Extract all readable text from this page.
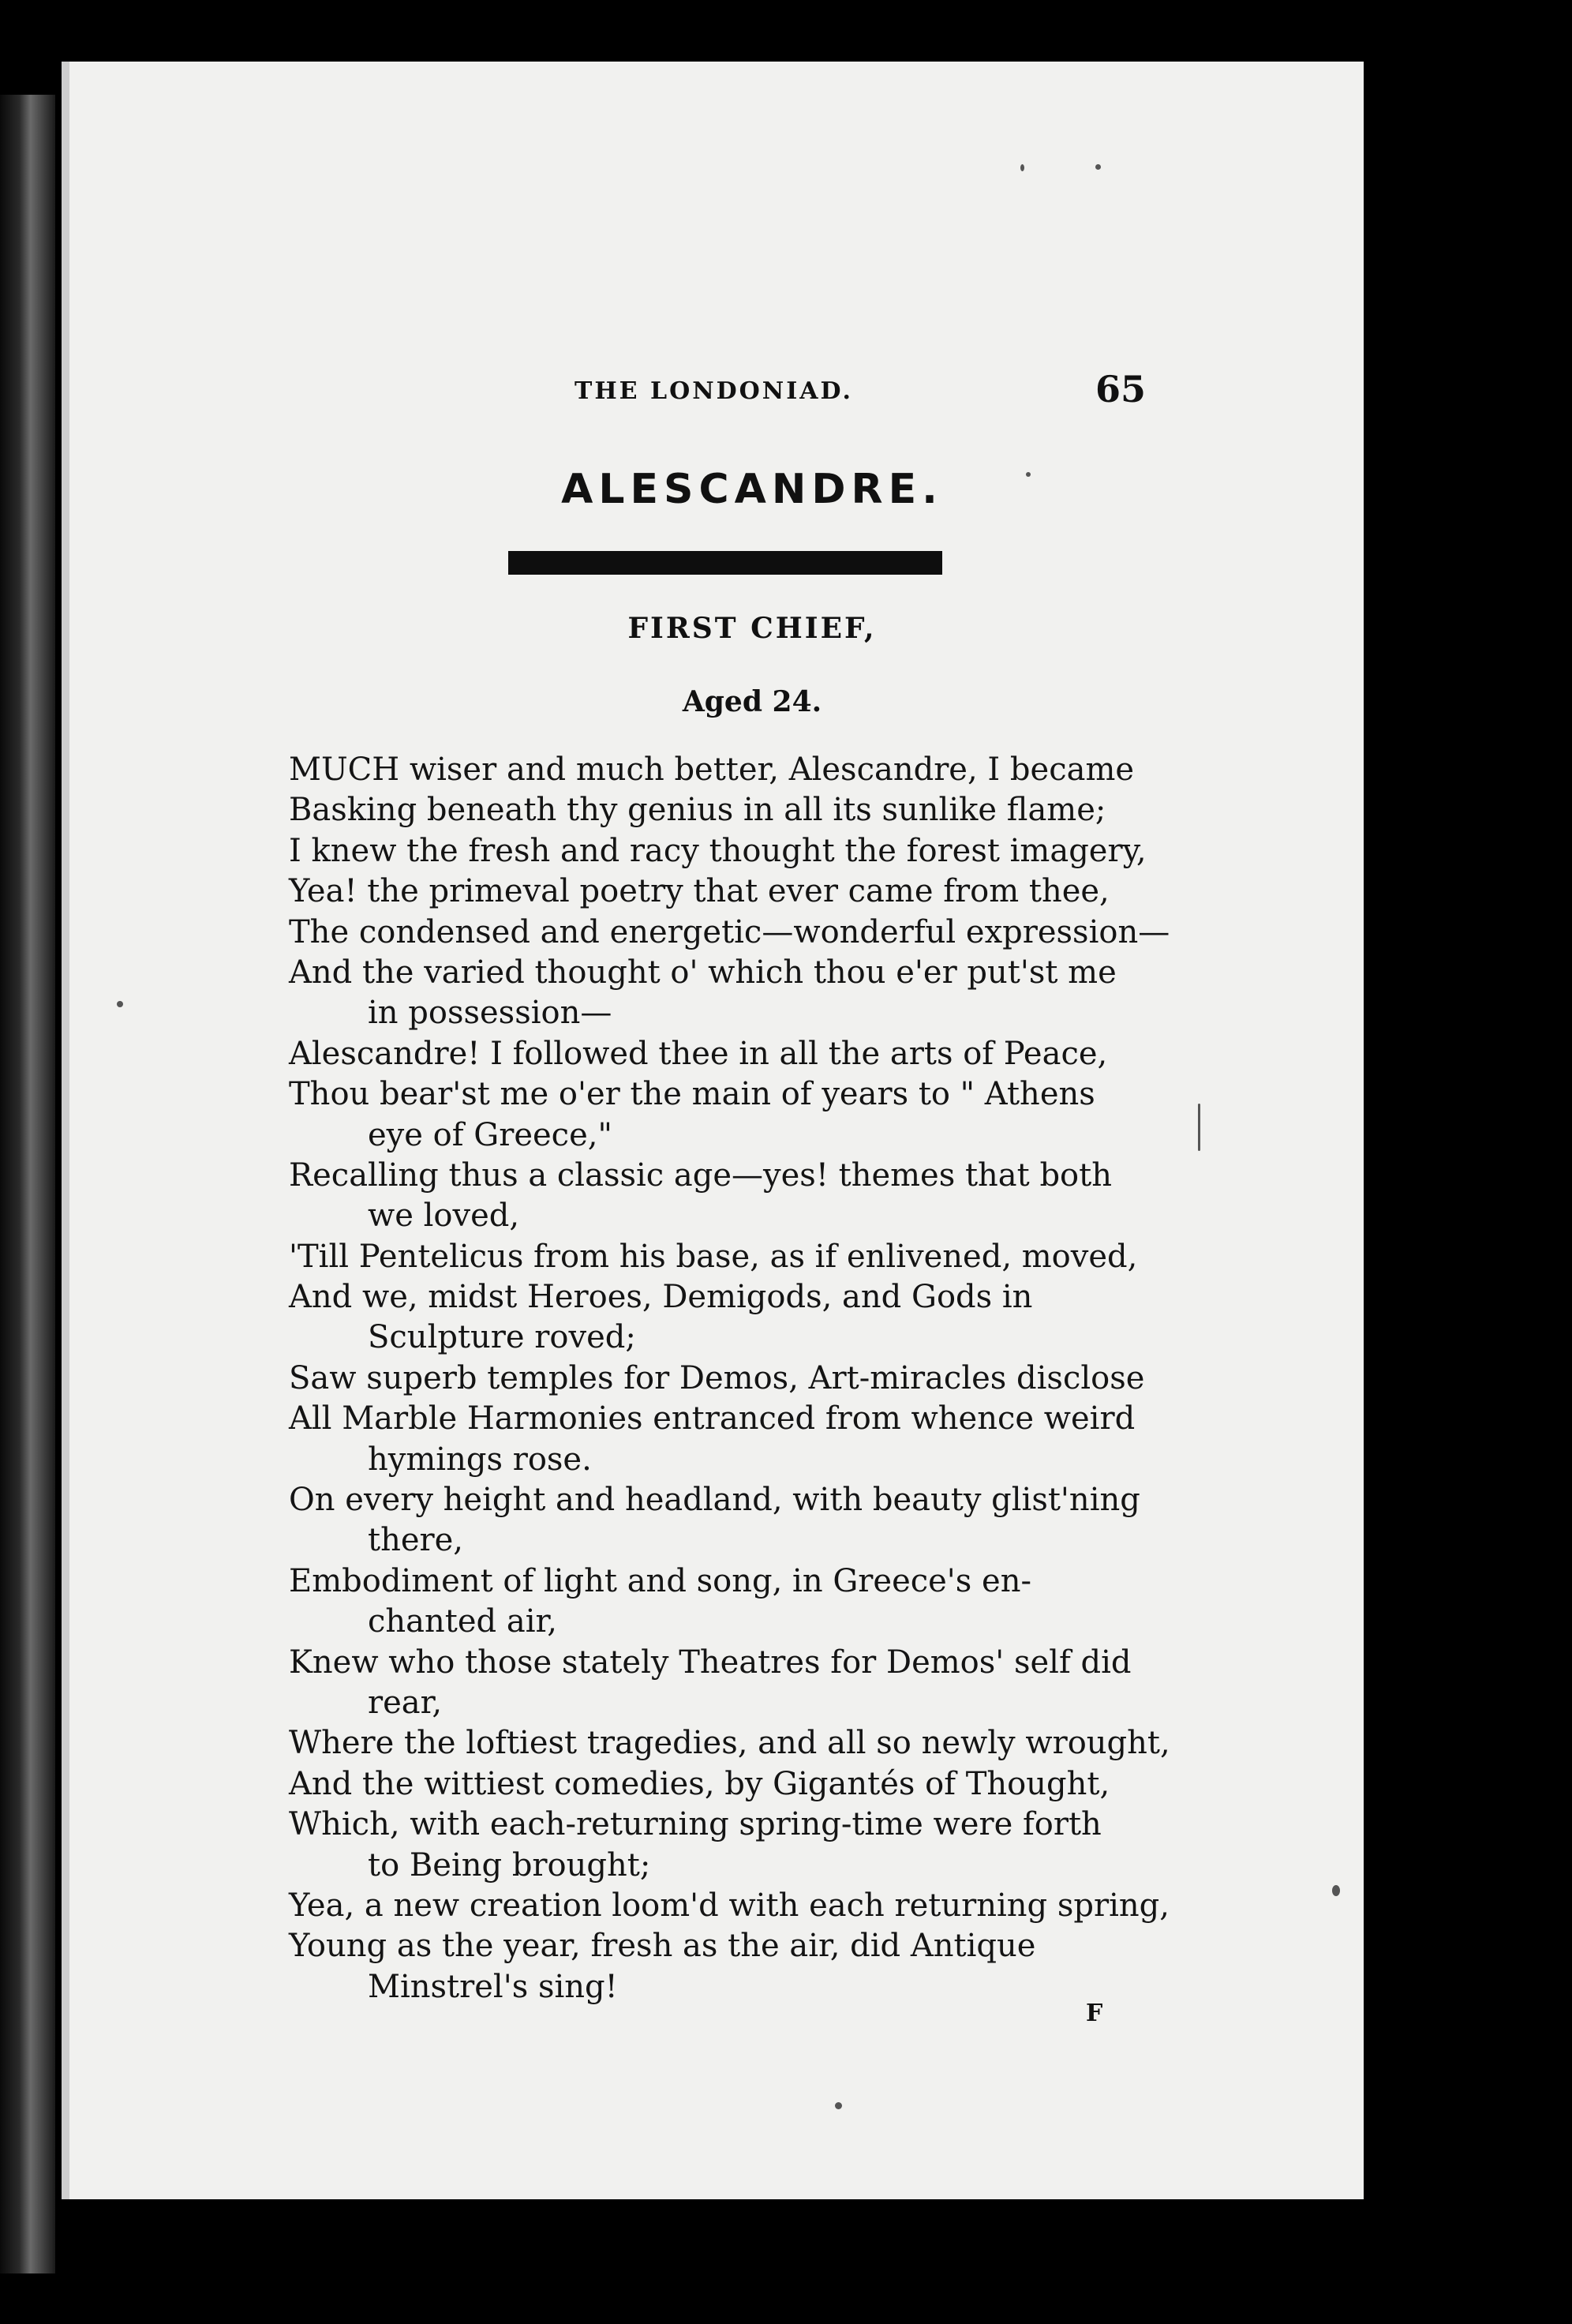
THE LONDONIAD.	65
ALESCANDRE.
FIRST CHIEF,
Aged 24.
MUCH wiser and much better, Alescandre, I became
Basking beneath thy genius in all its sunlike flame;
I knew the fresh and racy thought the forest imagery,
Yea! the primeval poetry that ever came from thee,
The condensed and energetic—wonderful expression—
And the varied thought o' which thou e'er put'st me
in possession—
Alescandre! I followed thee in all the arts of Peace,
Thou bear'st me o'er the main of years to " Athens
eye of Greece,"
Recalling thus a classic age—yes! themes that both
we loved,
'Till Pentelicus from his base, as if enlivened, moved,
And we, midst Heroes, Demigods, and Gods in
Sculpture roved;
Saw superb temples for Demos, Art-miracles disclose
All Marble Harmonies entranced from whence weird
hymings rose.
On every height and headland, with beauty glist'ning
there,
Embodiment of light and song, in Greece's en-
chanted air,
Knew who those stately Theatres for Demos' self did
rear,
Where the loftiest tragedies, and all so newly wrought,
And the wittiest comedies, by Gigantés of Thought,
Which, with each-returning spring-time were forth
to Being brought;
Yea, a new creation loom'd with each returning spring,
Young as the year, fresh as the air, did Antique
Minstrel's sing!
F
